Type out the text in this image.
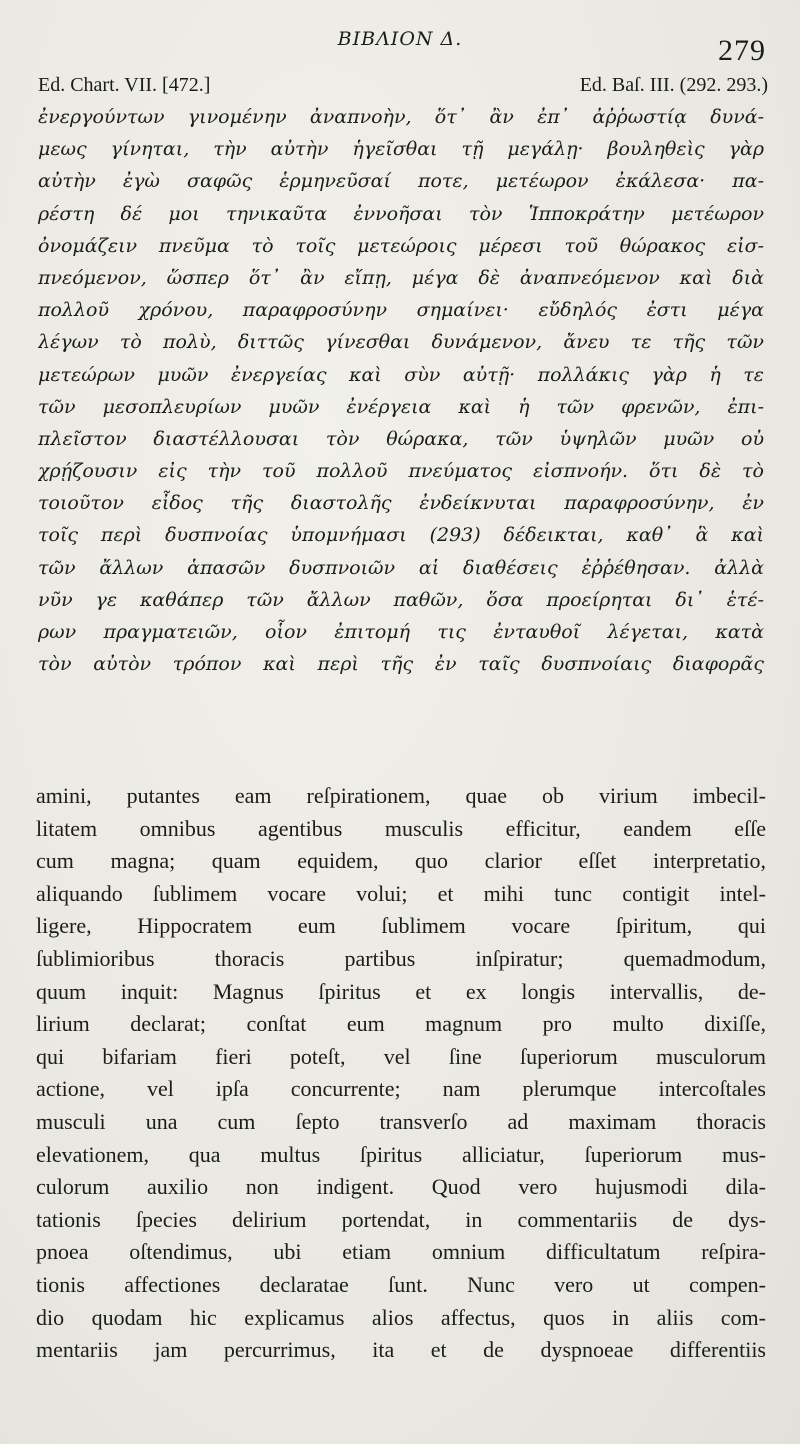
ΒΙΒΛΙΟΝ Δ.	279
Ed. Chart. VII. [472.]	Ed. Baſ. III. (292. 293.)
ἐνεργούντων γινομένην ἀναπνοὴν, ὅτ᾽ ἂν ἐπ᾽ ἀῤῥωστίᾳ δυνά-
μεως γίνηται, τὴν αὐτὴν ἡγεῖσθαι τῇ μεγάλῃ· βουληθεὶς γὰρ
αὐτὴν ἐγὼ σαφῶς ἑρμηνεῦσαί ποτε, μετέωρον ἐκάλεσα· πα-
ρέστη δέ μοι τηνικαῦτα ἐννοῆσαι τὸν Ἱπποκράτην μετέωρον
ὀνομάζειν πνεῦμα τὸ τοῖς μετεώροις μέρεσι τοῦ θώρακος εἰσ-
πνεόμενον, ὥσπερ ὅτ᾽ ἂν εἴπῃ, μέγα δὲ ἀναπνεόμενον καὶ διὰ
πολλοῦ χρόνου, παραφροσύνην σημαίνει· εὔδηλός ἐστι μέγα
λέγων τὸ πολὺ, διττῶς γίνεσθαι δυνάμενον, ἄνευ τε τῆς τῶν
μετεώρων μυῶν ἐνεργείας καὶ σὺν αὐτῇ· πολλάκις γὰρ ἡ τε
τῶν μεσοπλευρίων μυῶν ἐνέργεια καὶ ἡ τῶν φρενῶν, ἐπι-
πλεῖστον διαστέλλουσαι τὸν θώρακα, τῶν ὑψηλῶν μυῶν οὐ
χρῄζουσιν εἰς τὴν τοῦ πολλοῦ πνεύματος εἰσπνοήν. ὅτι δὲ τὸ
τοιοῦτον εἶδος τῆς διαστολῆς ἐνδείκνυται παραφροσύνην, ἐν
τοῖς περὶ δυσπνοίας ὑπομνήμασι (293) δέδεικται, καθ᾽ ἃ καὶ
τῶν ἄλλων ἁπασῶν δυσπνοιῶν αἱ διαθέσεις ἐῤῥέθησαν. ἀλλὰ
νῦν γε καθάπερ τῶν ἄλλων παθῶν, ὅσα προείρηται δι᾽ ἑτέ-
ρων πραγματειῶν, οἷον ἐπιτομή τις ἐνταυθοῖ λέγεται, κατὰ
τὸν αὐτὸν τρόπον καὶ περὶ τῆς ἐν ταῖς δυσπνοίαις διαφορᾶς
amini, putantes eam reſpirationem, quae ob virium imbecil-
litatem omnibus agentibus musculis efficitur, eandem eſſe
cum magna; quam equidem, quo clarior eſſet interpretatio,
aliquando ſublimem vocare volui; et mihi tunc contigit intel-
ligere, Hippocratem eum ſublimem vocare ſpiritum, qui
ſublimioribus thoracis partibus inſpiratur; quemadmodum,
quum inquit: Magnus ſpiritus et ex longis intervallis, de-
lirium declarat; conſtat eum magnum pro multo dixiſſe,
qui bifariam fieri poteſt, vel ſine ſuperiorum musculorum
actione, vel ipſa concurrente; nam plerumque intercoſtales
musculi una cum ſepto transverſo ad maximam thoracis
elevationem, qua multus ſpiritus alliciatur, ſuperiorum mus-
culorum auxilio non indigent. Quod vero hujusmodi dila-
tationis ſpecies delirium portendat, in commentariis de dys-
pnoea oſtendimus, ubi etiam omnium difficultatum reſpira-
tionis affectiones declaratae ſunt. Nunc vero ut compen-
dio quodam hic explicamus alios affectus, quos in aliis com-
mentariis jam percurrimus, ita et de dyspnoeae differentiis
